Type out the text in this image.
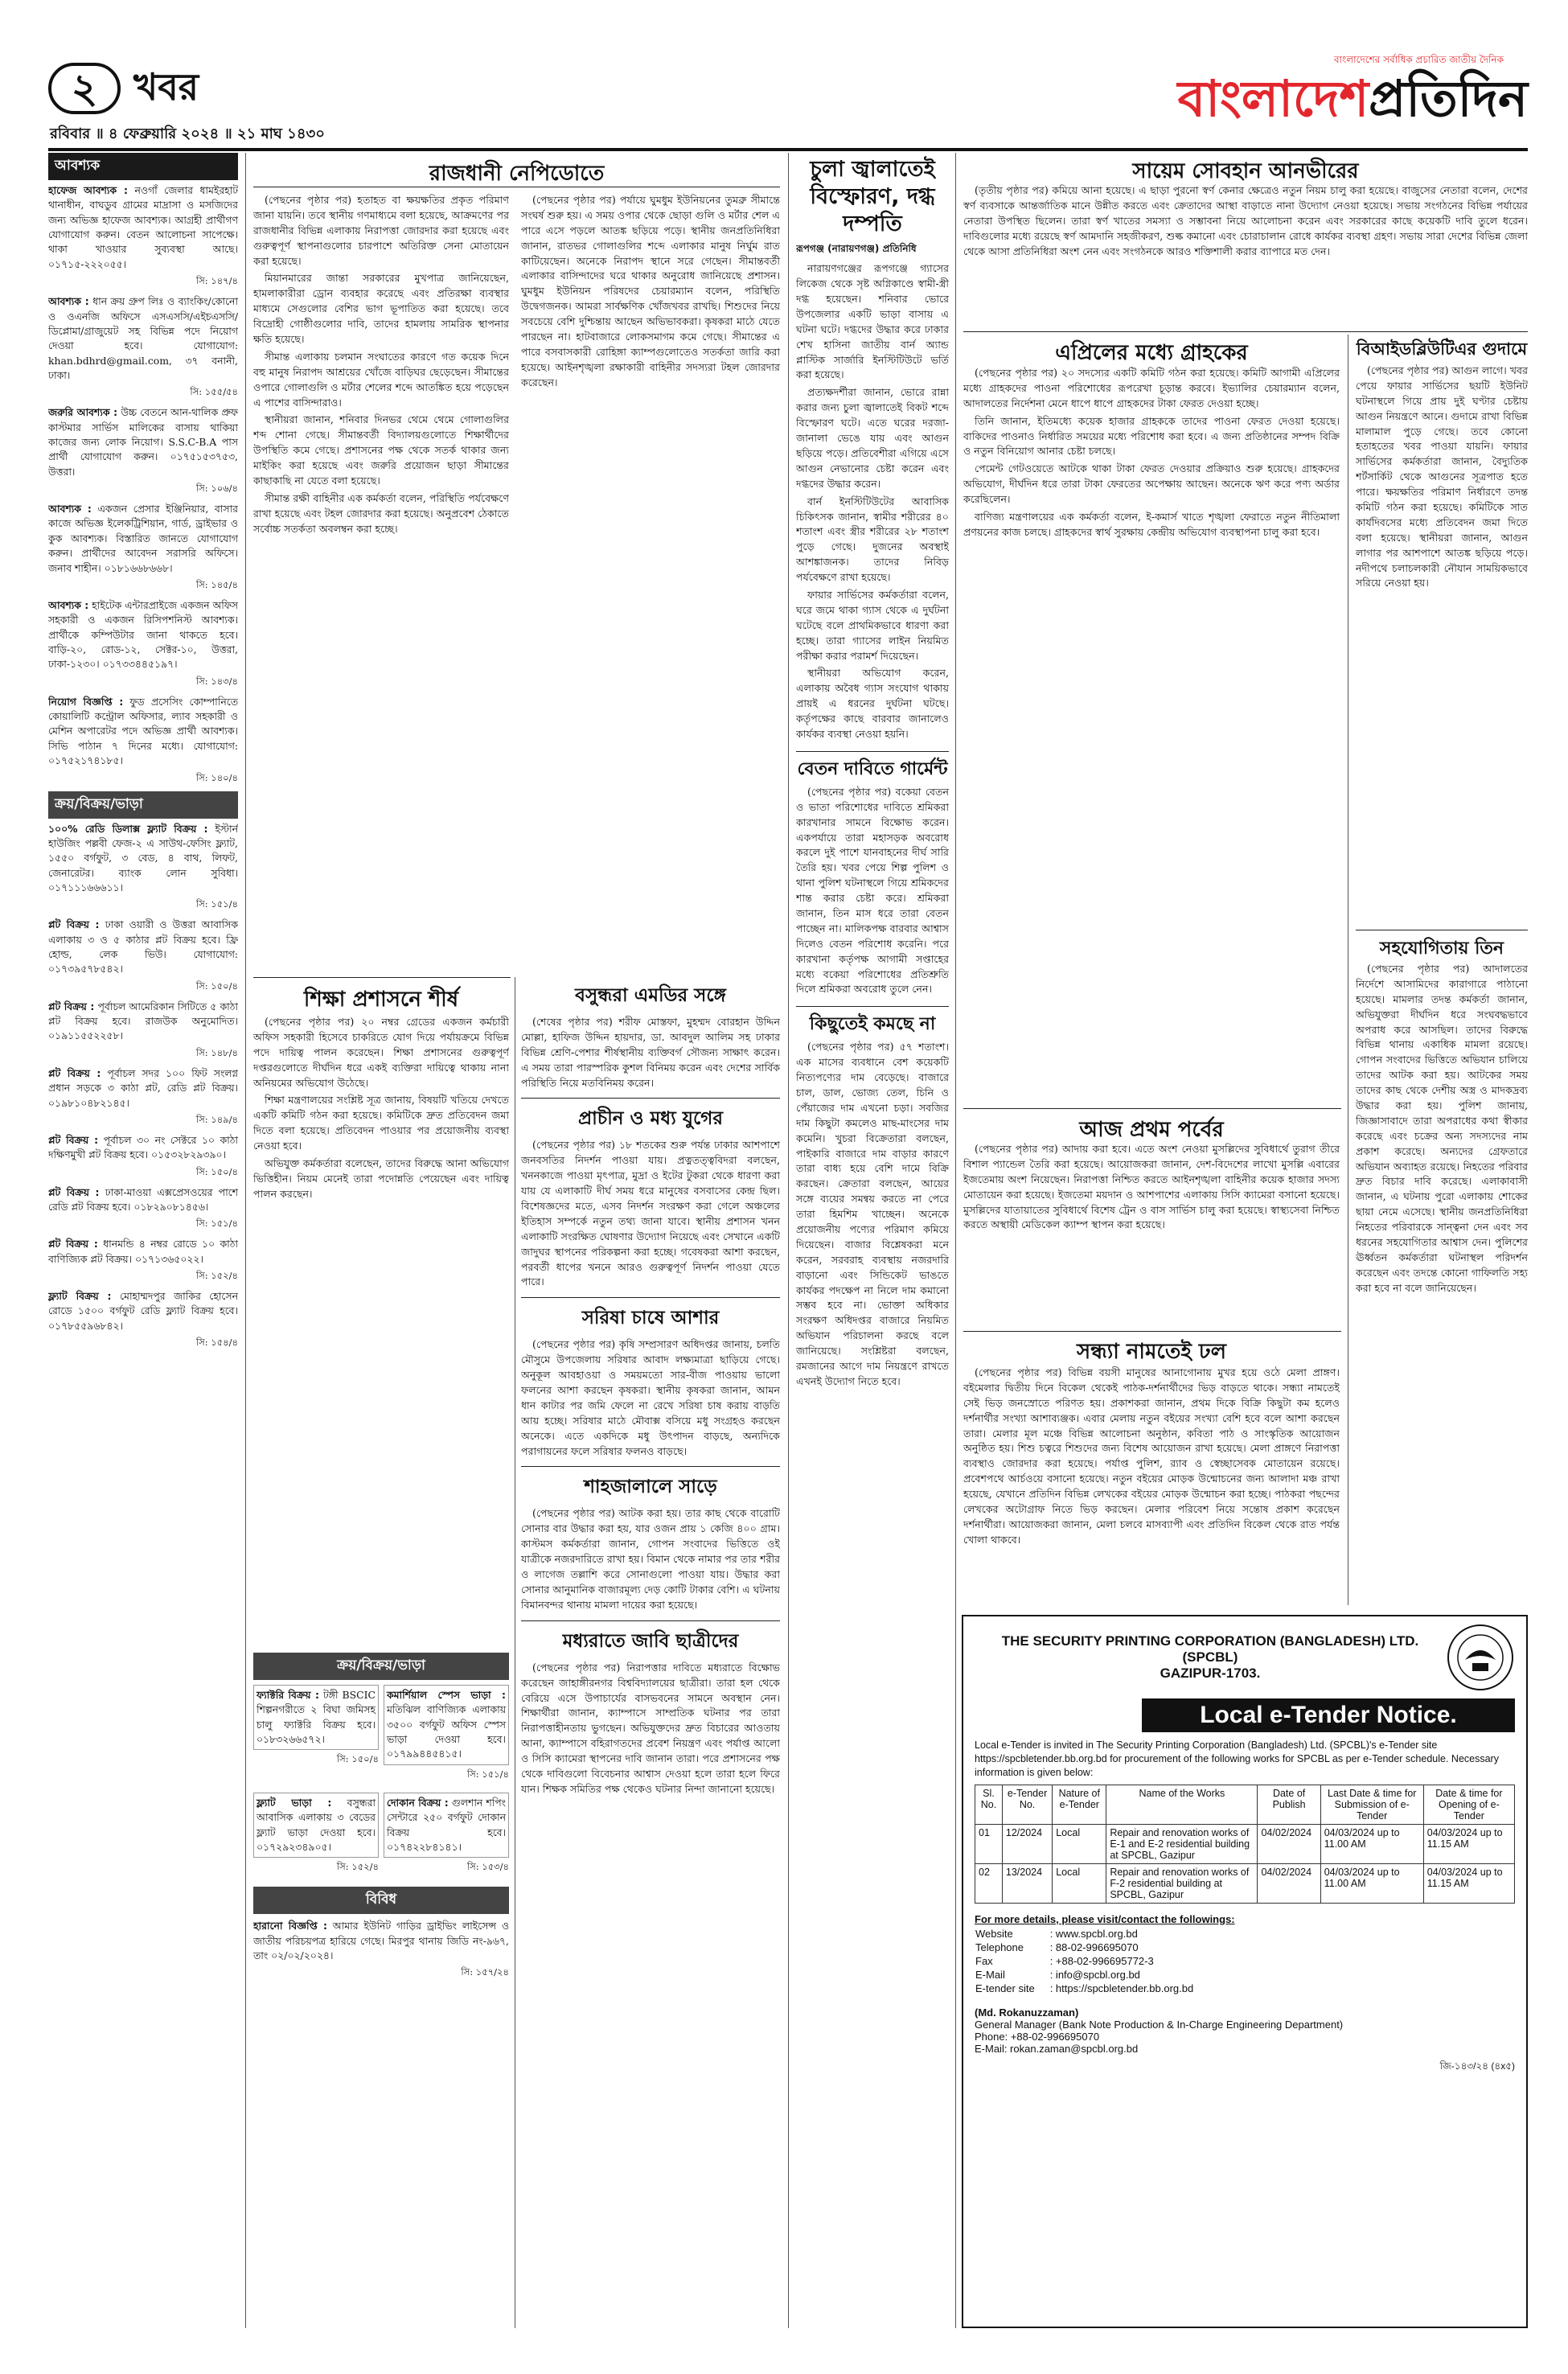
২ খবর
রবিবার ॥ ৪ ফেব্রুয়ারি ২০২৪ ॥ ২১ মাঘ ১৪৩০
বাংলাদেশের সর্বাধিক প্রচারিত জাতীয় দৈনিক
বাংলাদেশপ্রতিদিন
আবশ্যক

হাফেজ আবশ্যক : নওগাঁ জেলার ধামইরহাট থানাধীন, বাঘডুব গ্রামের মাদ্রাসা ও মসজিদের জন্য অভিজ্ঞ হাফেজ আবশ্যক। আগ্রহী প্রার্থীগণ যোগাযোগ করুন। বেতন আলোচনা সাপেক্ষে। থাকা খাওয়ার সুব্যবস্থা আছে। ০১৭১৫-২২২০৫৫।

সি: ১৪৭/৪

আবশ্যক : ধান ক্রয় গ্রুপ লিঃ ও ব্যাংকিং/কোনো ও ওএনজি অফিসে এসএসসি/এইচএসসি/ডিপ্লোমা/গ্রাজুয়েট সহ বিভিন্ন পদে নিয়োগ দেওয়া হবে। যোগাযোগ: khan.bdhrd@gmail.com, ৩৭ বনানী, ঢাকা।

সি: ১৫৫/৫৪

জরুরি আবশ্যক : উচ্চ বেতনে আন-থালিক প্রুফ কাস্টমার সার্ভিস মালিকের বাসায় থাকিয়া কাজের জন্য লোক নিয়োগ। S.S.C-B.A পাস প্রার্থী যোগাযোগ করুন। ০১৭৫১৫৩৭৫৩, উত্তরা।

সি: ১০৬/৪

আবশ্যক : একজন প্রেসার ইঞ্জিনিয়ার, বাসার কাজে অভিজ্ঞ ইলেকট্রিশিয়ান, গার্ড, ড্রাইভার ও কুক আবশ্যক। বিস্তারিত জানতে যোগাযোগ করুন। প্রার্থীদের আবেদন সরাসরি অফিসে। জনাব শাহীন। ০১৮১৬৬৮৬৬৮।

সি: ১৪৫/৪

আবশ্যক : হাইটেক এন্টারপ্রাইজে একজন অফিস সহকারী ও একজন রিসিপশনিস্ট আবশ্যক। প্রার্থীকে কম্পিউটার জানা থাকতে হবে। বাড়ি-২০, রোড-১২, সেক্টর-১০, উত্তরা, ঢাকা-১২৩০। ০১৭৩৩৪৪৫১৯৭।

সি: ১৪৩/৪

নিয়োগ বিজ্ঞপ্তি : ফুড প্রসেসিং কোম্পানিতে কোয়ালিটি কন্ট্রোল অফিসার, ল্যাব সহকারী ও মেশিন অপারেটর পদে অভিজ্ঞ প্রার্থী আবশ্যক। সিভি পাঠান ৭ দিনের মধ্যে। যোগাযোগ: ০১৭৫২১৭৪১৮৫।

সি: ১৪০/৪
ক্রয়/বিক্রয়/ভাড়া

১০০% রেডি ডিলাক্স ফ্ল্যাট বিক্রয় : ইস্টার্ন হাউজিং পল্লবী ফেজ-২ এ সাউথ-ফেসিং ফ্ল্যাট, ১৫৫০ বর্গফুট, ৩ বেড, ৪ বাথ, লিফট, জেনারেটর। ব্যাংক লোন সুবিধা। ০১৭১১১৬৬৬১১।

সি: ১৫১/৪

প্লট বিক্রয় : ঢাকা ওয়ারী ও উত্তরা আবাসিক এলাকায় ৩ ও ৫ কাঠার প্লট বিক্রয় হবে। ফ্রি হোল্ড, লেক ভিউ। যোগাযোগ: ০১৭৩৯৫৭৮৫৪২।

সি: ১৫০/৪

প্লট বিক্রয় : পূর্বাচল আমেরিকান সিটিতে ৫ কাঠা প্লট বিক্রয় হবে। রাজউক অনুমোদিত। ০১৯১১৫৫২২৫৮।

সি: ১৪৮/৪

প্লট বিক্রয় : পূর্বাচল সদর ১০০ ফিট সংলগ্ন প্রধান সড়কে ৩ কাঠা প্লট, রেডি প্লট বিক্রয়। ০১৯৮১০৪৮২১৪৫।

সি: ১৪৯/৪

প্লট বিক্রয় : পূর্বাচল ৩০ নং সেক্টরে ১০ কাঠা দক্ষিণমুখী প্লট বিক্রয় হবে। ০১৫৩২৮২৯৩৯০।

সি: ১৫০/৪

প্লট বিক্রয় : ঢাকা-মাওয়া এক্সপ্রেসওয়ের পাশে রেডি প্লট বিক্রয় হবে। ০১৮২৯০৮১৪৫৬।

সি: ১৫১/৪

প্লট বিক্রয় : ধানমন্ডি ৪ নম্বর রোডে ১০ কাঠা বাণিজ্যিক প্লট বিক্রয়। ০১৭১৩৬৫০২২।

সি: ১৫২/৪

ফ্ল্যাট বিক্রয় : মোহাম্মদপুর জাকির হোসেন রোডে ১৫০০ বর্গফুট রেডি ফ্ল্যাট বিক্রয় হবে। ০১৭৮৫৫৯৬৮৪২।

সি: ১৫৪/৪
রাজধানী নেপিডোতে

(পেছনের পৃষ্ঠার পর) হতাহত বা ক্ষয়ক্ষতির প্রকৃত পরিমাণ জানা যায়নি। তবে স্থানীয় গণমাধ্যমে বলা হয়েছে, আক্রমণের পর রাজধানীর বিভিন্ন এলাকায় নিরাপত্তা জোরদার করা হয়েছে এবং গুরুত্বপূর্ণ স্থাপনাগুলোর চারপাশে অতিরিক্ত সেনা মোতায়েন করা হয়েছে।

মিয়ানমারের জান্তা সরকারের মুখপাত্র জানিয়েছেন, হামলাকারীরা ড্রোন ব্যবহার করেছে এবং প্রতিরক্ষা ব্যবস্থার মাধ্যমে সেগুলোর বেশির ভাগ ভূপাতিত করা হয়েছে। তবে বিদ্রোহী গোষ্ঠীগুলোর দাবি, তাদের হামলায় সামরিক স্থাপনার ক্ষতি হয়েছে।

সীমান্ত এলাকায় চলমান সংঘাতের কারণে গত কয়েক দিনে বহু মানুষ নিরাপদ আশ্রয়ের খোঁজে বাড়িঘর ছেড়েছেন। সীমান্তের ওপারে গোলাগুলি ও মর্টার শেলের শব্দে আতঙ্কিত হয়ে পড়েছেন এ পাশের বাসিন্দারাও।

স্থানীয়রা জানান, শনিবার দিনভর থেমে থেমে গোলাগুলির শব্দ শোনা গেছে। সীমান্তবর্তী বিদ্যালয়গুলোতে শিক্ষার্থীদের উপস্থিতি কমে গেছে। প্রশাসনের পক্ষ থেকে সতর্ক থাকার জন্য মাইকিং করা হয়েছে এবং জরুরি প্রয়োজন ছাড়া সীমান্তের কাছাকাছি না যেতে বলা হয়েছে।

সীমান্ত রক্ষী বাহিনীর এক কর্মকর্তা বলেন, পরিস্থিতি পর্যবেক্ষণে রাখা হয়েছে এবং টহল জোরদার করা হয়েছে। অনুপ্রবেশ ঠেকাতে সর্বোচ্চ সতর্কতা অবলম্বন করা হচ্ছে।

(পেছনের পৃষ্ঠার পর) পর্যায়ে ঘুমধুম ইউনিয়নের তুমব্রু সীমান্তে সংঘর্ষ শুরু হয়। এ সময় ওপার থেকে ছোড়া গুলি ও মর্টার শেল এ পারে এসে পড়লে আতঙ্ক ছড়িয়ে পড়ে। স্থানীয় জনপ্রতিনিধিরা জানান, রাতভর গোলাগুলির শব্দে এলাকার মানুষ নির্ঘুম রাত কাটিয়েছেন। অনেকে নিরাপদ স্থানে সরে গেছেন। সীমান্তবর্তী এলাকার বাসিন্দাদের ঘরে থাকার অনুরোধ জানিয়েছে প্রশাসন। ঘুমধুম ইউনিয়ন পরিষদের চেয়ারম্যান বলেন, পরিস্থিতি উদ্বেগজনক। আমরা সার্বক্ষণিক খোঁজখবর রাখছি। শিশুদের নিয়ে সবচেয়ে বেশি দুশ্চিন্তায় আছেন অভিভাবকরা। কৃষকরা মাঠে যেতে পারছেন না। হাটবাজারে লোকসমাগম কমে গেছে। সীমান্তের এ পারে বসবাসকারী রোহিঙ্গা ক্যাম্পগুলোতেও সতর্কতা জারি করা হয়েছে। আইনশৃঙ্খলা রক্ষাকারী বাহিনীর সদস্যরা টহল জোরদার করেছেন।

শিক্ষা প্রশাসনে শীর্ষ

(পেছনের পৃষ্ঠার পর) ২০ নম্বর গ্রেডের একজন কর্মচারী অফিস সহকারী হিসেবে চাকরিতে যোগ দিয়ে পর্যায়ক্রমে বিভিন্ন পদে দায়িত্ব পালন করেছেন। শিক্ষা প্রশাসনের গুরুত্বপূর্ণ দপ্তরগুলোতে দীর্ঘদিন ধরে একই ব্যক্তিরা দায়িত্বে থাকায় নানা অনিয়মের অভিযোগ উঠেছে।

শিক্ষা মন্ত্রণালয়ের সংশ্লিষ্ট সূত্র জানায়, বিষয়টি খতিয়ে দেখতে একটি কমিটি গঠন করা হয়েছে। কমিটিকে দ্রুত প্রতিবেদন জমা দিতে বলা হয়েছে। প্রতিবেদন পাওয়ার পর প্রয়োজনীয় ব্যবস্থা নেওয়া হবে।

অভিযুক্ত কর্মকর্তারা বলেছেন, তাদের বিরুদ্ধে আনা অভিযোগ ভিত্তিহীন। নিয়ম মেনেই তারা পদোন্নতি পেয়েছেন এবং দায়িত্ব পালন করছেন।

ক্রয়/বিক্রয়/ভাড়া

ফ্যাক্টরি বিক্রয় : টঙ্গী BSCIC শিল্পনগরীতে ২ বিঘা জমিসহ চালু ফ্যাক্টরি বিক্রয় হবে। ০১৮৩২৬৬৫৭২।

সি: ১৫০/৪

কমার্শিয়াল স্পেস ভাড়া : মতিঝিল বাণিজ্যিক এলাকায় ৩৫০০ বর্গফুট অফিস স্পেস ভাড়া দেওয়া হবে। ০১৭৯৯৪৪৫৪১৫।

সি: ১৫১/৪

ফ্ল্যাট ভাড়া : বসুন্ধরা আবাসিক এলাকায় ৩ বেডের ফ্ল্যাট ভাড়া দেওয়া হবে। ০১৭২৯২৩৪৯০৫।

সি: ১৫২/৪

দোকান বিক্রয় : গুলশান শপিং সেন্টারে ২৫০ বর্গফুট দোকান বিক্রয় হবে। ০১৭৪২২৮৪১৪১।

সি: ১৫৩/৪
বিবিধ

হারানো বিজ্ঞপ্তি : আমার ইউনিট গাড়ির ড্রাইভিং লাইসেন্স ও জাতীয় পরিচয়পত্র হারিয়ে গেছে। মিরপুর থানায় জিডি নং-৯৬৭, তাং ০২/০২/২০২৪।

সি: ১৫৭/২৪
বসুন্ধরা এমডির সঙ্গে

(শেষের পৃষ্ঠার পর) শরীফ মোস্তফা, মুহম্মদ বোরহান উদ্দিন মোল্লা, হাফিজ উদ্দিন হায়দার, ডা. আবদুল আলিম সহ ঢাকার বিভিন্ন শ্রেণি-পেশার শীর্ষস্থানীয় ব্যক্তিবর্গ সৌজন্য সাক্ষাৎ করেন। এ সময় তারা পারস্পরিক কুশল বিনিময় করেন এবং দেশের সার্বিক পরিস্থিতি নিয়ে মতবিনিময় করেন।

প্রাচীন ও মধ্য যুগের

(পেছনের পৃষ্ঠার পর) ১৮ শতকের শুরু পর্যন্ত ঢাকার আশপাশে জনবসতির নিদর্শন পাওয়া যায়। প্রত্নতত্ত্ববিদরা বলছেন, খননকাজে পাওয়া মৃৎপাত্র, মুদ্রা ও ইটের টুকরা থেকে ধারণা করা যায় যে এলাকাটি দীর্ঘ সময় ধরে মানুষের বসবাসের কেন্দ্র ছিল। বিশেষজ্ঞদের মতে, এসব নিদর্শন সংরক্ষণ করা গেলে অঞ্চলের ইতিহাস সম্পর্কে নতুন তথ্য জানা যাবে। স্থানীয় প্রশাসন খনন এলাকাটি সংরক্ষিত ঘোষণার উদ্যোগ নিয়েছে এবং সেখানে একটি জাদুঘর স্থাপনের পরিকল্পনা করা হচ্ছে। গবেষকরা আশা করছেন, পরবর্তী ধাপের খননে আরও গুরুত্বপূর্ণ নিদর্শন পাওয়া যেতে পারে।

সরিষা চাষে আশার

(পেছনের পৃষ্ঠার পর) কৃষি সম্প্রসারণ অধিদপ্তর জানায়, চলতি মৌসুমে উপজেলায় সরিষার আবাদ লক্ষ্যমাত্রা ছাড়িয়ে গেছে। অনুকূল আবহাওয়া ও সময়মতো সার-বীজ পাওয়ায় ভালো ফলনের আশা করছেন কৃষকরা। স্থানীয় কৃষকরা জানান, আমন ধান কাটার পর জমি ফেলে না রেখে সরিষা চাষ করায় বাড়তি আয় হচ্ছে। সরিষার মাঠে মৌবাক্স বসিয়ে মধু সংগ্রহও করছেন অনেকে। এতে একদিকে মধু উৎপাদন বাড়ছে, অন্যদিকে পরাগায়নের ফলে সরিষার ফলনও বাড়ছে।

শাহজালালে সাড়ে

(পেছনের পৃষ্ঠার পর) আটক করা হয়। তার কাছ থেকে বারোটি সোনার বার উদ্ধার করা হয়, যার ওজন প্রায় ১ কেজি ৪০০ গ্রাম। কাস্টমস কর্মকর্তারা জানান, গোপন সংবাদের ভিত্তিতে ওই যাত্রীকে নজরদারিতে রাখা হয়। বিমান থেকে নামার পর তার শরীর ও লাগেজ তল্লাশি করে সোনাগুলো পাওয়া যায়। উদ্ধার করা সোনার আনুমানিক বাজারমূল্য দেড় কোটি টাকার বেশি। এ ঘটনায় বিমানবন্দর থানায় মামলা দায়ের করা হয়েছে।

মধ্যরাতে জাবি ছাত্রীদের

(পেছনের পৃষ্ঠার পর) নিরাপত্তার দাবিতে মধ্যরাতে বিক্ষোভ করেছেন জাহাঙ্গীরনগর বিশ্ববিদ্যালয়ের ছাত্রীরা। তারা হল থেকে বেরিয়ে এসে উপাচার্যের বাসভবনের সামনে অবস্থান নেন। শিক্ষার্থীরা জানান, ক্যাম্পাসে সাম্প্রতিক ঘটনার পর তারা নিরাপত্তাহীনতায় ভুগছেন। অভিযুক্তদের দ্রুত বিচারের আওতায় আনা, ক্যাম্পাসে বহিরাগতদের প্রবেশ নিয়ন্ত্রণ এবং পর্যাপ্ত আলো ও সিসি ক্যামেরা স্থাপনের দাবি জানান তারা। পরে প্রশাসনের পক্ষ থেকে দাবিগুলো বিবেচনার আশ্বাস দেওয়া হলে তারা হলে ফিরে যান। শিক্ষক সমিতির পক্ষ থেকেও ঘটনার নিন্দা জানানো হয়েছে।

চুলা জ্বালাতেই বিস্ফোরণ, দগ্ধ দম্পতি
রূপগঞ্জ (নারায়ণগঞ্জ) প্রতিনিধি

নারায়ণগঞ্জের রূপগঞ্জে গ্যাসের লিকেজ থেকে সৃষ্ট অগ্নিকাণ্ডে স্বামী-স্ত্রী দগ্ধ হয়েছেন। শনিবার ভোরে উপজেলার একটি ভাড়া বাসায় এ ঘটনা ঘটে। দগ্ধদের উদ্ধার করে ঢাকার শেখ হাসিনা জাতীয় বার্ন অ্যান্ড প্লাস্টিক সার্জারি ইনস্টিটিউটে ভর্তি করা হয়েছে।

প্রত্যক্ষদর্শীরা জানান, ভোরে রান্না করার জন্য চুলা জ্বালাতেই বিকট শব্দে বিস্ফোরণ ঘটে। এতে ঘরের দরজা-জানালা ভেঙে যায় এবং আগুন ছড়িয়ে পড়ে। প্রতিবেশীরা এগিয়ে এসে আগুন নেভানোর চেষ্টা করেন এবং দগ্ধদের উদ্ধার করেন।

বার্ন ইনস্টিটিউটের আবাসিক চিকিৎসক জানান, স্বামীর শরীরের ৪০ শতাংশ এবং স্ত্রীর শরীরের ২৮ শতাংশ পুড়ে গেছে। দুজনের অবস্থাই আশঙ্কাজনক। তাদের নিবিড় পর্যবেক্ষণে রাখা হয়েছে।

ফায়ার সার্ভিসের কর্মকর্তারা বলেন, ঘরে জমে থাকা গ্যাস থেকে এ দুর্ঘটনা ঘটেছে বলে প্রাথমিকভাবে ধারণা করা হচ্ছে। তারা গ্যাসের লাইন নিয়মিত পরীক্ষা করার পরামর্শ দিয়েছেন।

স্থানীয়রা অভিযোগ করেন, এলাকায় অবৈধ গ্যাস সংযোগ থাকায় প্রায়ই এ ধরনের দুর্ঘটনা ঘটছে। কর্তৃপক্ষের কাছে বারবার জানালেও কার্যকর ব্যবস্থা নেওয়া হয়নি।

বেতন দাবিতে গার্মেন্ট

(পেছনের পৃষ্ঠার পর) বকেয়া বেতন ও ভাতা পরিশোধের দাবিতে শ্রমিকরা কারখানার সামনে বিক্ষোভ করেন। একপর্যায়ে তারা মহাসড়ক অবরোধ করলে দুই পাশে যানবাহনের দীর্ঘ সারি তৈরি হয়। খবর পেয়ে শিল্প পুলিশ ও থানা পুলিশ ঘটনাস্থলে গিয়ে শ্রমিকদের শান্ত করার চেষ্টা করে। শ্রমিকরা জানান, তিন মাস ধরে তারা বেতন পাচ্ছেন না। মালিকপক্ষ বারবার আশ্বাস দিলেও বেতন পরিশোধ করেনি। পরে কারখানা কর্তৃপক্ষ আগামী সপ্তাহের মধ্যে বকেয়া পরিশোধের প্রতিশ্রুতি দিলে শ্রমিকরা অবরোধ তুলে নেন।

কিছুতেই কমছে না

(পেছনের পৃষ্ঠার পর) ৫৭ শতাংশ। এক মাসের ব্যবধানে বেশ কয়েকটি নিত্যপণ্যের দাম বেড়েছে। বাজারে চাল, ডাল, ভোজ্য তেল, চিনি ও পেঁয়াজের দাম এখনো চড়া। সবজির দাম কিছুটা কমলেও মাছ-মাংসের দাম কমেনি। খুচরা বিক্রেতারা বলছেন, পাইকারি বাজারে দাম বাড়ার কারণে তারা বাধ্য হয়ে বেশি দামে বিক্রি করছেন। ক্রেতারা বলছেন, আয়ের সঙ্গে ব্যয়ের সমন্বয় করতে না পেরে তারা হিমশিম খাচ্ছেন। অনেকে প্রয়োজনীয় পণ্যের পরিমাণ কমিয়ে দিয়েছেন। বাজার বিশ্লেষকরা মনে করেন, সরবরাহ ব্যবস্থায় নজরদারি বাড়ানো এবং সিন্ডিকেট ভাঙতে কার্যকর পদক্ষেপ না নিলে দাম কমানো সম্ভব হবে না। ভোক্তা অধিকার সংরক্ষণ অধিদপ্তর বাজারে নিয়মিত অভিযান পরিচালনা করছে বলে জানিয়েছে। সংশ্লিষ্টরা বলছেন, রমজানের আগে দাম নিয়ন্ত্রণে রাখতে এখনই উদ্যোগ নিতে হবে।

সায়েম সোবহান আনভীরের

(তৃতীয় পৃষ্ঠার পর) কমিয়ে আনা হয়েছে। এ ছাড়া পুরনো স্বর্ণ কেনার ক্ষেত্রেও নতুন নিয়ম চালু করা হয়েছে। বাজুসের নেতারা বলেন, দেশের স্বর্ণ ব্যবসাকে আন্তর্জাতিক মানে উন্নীত করতে এবং ক্রেতাদের আস্থা বাড়াতে নানা উদ্যোগ নেওয়া হয়েছে। সভায় সংগঠনের বিভিন্ন পর্যায়ের নেতারা উপস্থিত ছিলেন। তারা স্বর্ণ খাতের সমস্যা ও সম্ভাবনা নিয়ে আলোচনা করেন এবং সরকারের কাছে কয়েকটি দাবি তুলে ধরেন। দাবিগুলোর মধ্যে রয়েছে স্বর্ণ আমদানি সহজীকরণ, শুল্ক কমানো এবং চোরাচালান রোধে কার্যকর ব্যবস্থা গ্রহণ। সভায় সারা দেশের বিভিন্ন জেলা থেকে আসা প্রতিনিধিরা অংশ নেন এবং সংগঠনকে আরও শক্তিশালী করার ব্যাপারে মত দেন।

এপ্রিলের মধ্যে গ্রাহকের

(পেছনের পৃষ্ঠার পর) ২০ সদস্যের একটি কমিটি গঠন করা হয়েছে। কমিটি আগামী এপ্রিলের মধ্যে গ্রাহকদের পাওনা পরিশোধের রূপরেখা চূড়ান্ত করবে। ইভ্যালির চেয়ারম্যান বলেন, আদালতের নির্দেশনা মেনে ধাপে ধাপে গ্রাহকদের টাকা ফেরত দেওয়া হচ্ছে।

তিনি জানান, ইতিমধ্যে কয়েক হাজার গ্রাহককে তাদের পাওনা ফেরত দেওয়া হয়েছে। বাকিদের পাওনাও নির্ধারিত সময়ের মধ্যে পরিশোধ করা হবে। এ জন্য প্রতিষ্ঠানের সম্পদ বিক্রি ও নতুন বিনিয়োগ আনার চেষ্টা চলছে।

পেমেন্ট গেটওয়েতে আটকে থাকা টাকা ফেরত দেওয়ার প্রক্রিয়াও শুরু হয়েছে। গ্রাহকদের অভিযোগ, দীর্ঘদিন ধরে তারা টাকা ফেরতের অপেক্ষায় আছেন। অনেকে ঋণ করে পণ্য অর্ডার করেছিলেন।

বাণিজ্য মন্ত্রণালয়ের এক কর্মকর্তা বলেন, ই-কমার্স খাতে শৃঙ্খলা ফেরাতে নতুন নীতিমালা প্রণয়নের কাজ চলছে। গ্রাহকদের স্বার্থ সুরক্ষায় কেন্দ্রীয় অভিযোগ ব্যবস্থাপনা চালু করা হবে।

আজ প্রথম পর্বের

(পেছনের পৃষ্ঠার পর) আদায় করা হবে। এতে অংশ নেওয়া মুসল্লিদের সুবিধার্থে তুরাগ তীরে বিশাল প্যান্ডেল তৈরি করা হয়েছে। আয়োজকরা জানান, দেশ-বিদেশের লাখো মুসল্লি এবারের ইজতেমায় অংশ নিয়েছেন। নিরাপত্তা নিশ্চিত করতে আইনশৃঙ্খলা বাহিনীর কয়েক হাজার সদস্য মোতায়েন করা হয়েছে। ইজতেমা ময়দান ও আশপাশের এলাকায় সিসি ক্যামেরা বসানো হয়েছে। মুসল্লিদের যাতায়াতের সুবিধার্থে বিশেষ ট্রেন ও বাস সার্ভিস চালু করা হয়েছে। স্বাস্থ্যসেবা নিশ্চিত করতে অস্থায়ী মেডিকেল ক্যাম্প স্থাপন করা হয়েছে।

সন্ধ্যা নামতেই ঢল

(পেছনের পৃষ্ঠার পর) বিভিন্ন বয়সী মানুষের আনাগোনায় মুখর হয়ে ওঠে মেলা প্রাঙ্গণ। বইমেলার দ্বিতীয় দিনে বিকেল থেকেই পাঠক-দর্শনার্থীদের ভিড় বাড়তে থাকে। সন্ধ্যা নামতেই সেই ভিড় জনস্রোতে পরিণত হয়। প্রকাশকরা জানান, প্রথম দিকে বিক্রি কিছুটা কম হলেও দর্শনার্থীর সংখ্যা আশাব্যঞ্জক। এবার মেলায় নতুন বইয়ের সংখ্যা বেশি হবে বলে আশা করছেন তারা। মেলার মূল মঞ্চে বিভিন্ন আলোচনা অনুষ্ঠান, কবিতা পাঠ ও সাংস্কৃতিক আয়োজন অনুষ্ঠিত হয়। শিশু চত্বরে শিশুদের জন্য বিশেষ আয়োজন রাখা হয়েছে। মেলা প্রাঙ্গণে নিরাপত্তা ব্যবস্থাও জোরদার করা হয়েছে। পর্যাপ্ত পুলিশ, র‌্যাব ও স্বেচ্ছাসেবক মোতায়েন রয়েছে। প্রবেশপথে আর্চওয়ে বসানো হয়েছে। নতুন বইয়ের মোড়ক উন্মোচনের জন্য আলাদা মঞ্চ রাখা হয়েছে, যেখানে প্রতিদিন বিভিন্ন লেখকের বইয়ের মোড়ক উন্মোচন করা হচ্ছে। পাঠকরা পছন্দের লেখকের অটোগ্রাফ নিতে ভিড় করছেন। মেলার পরিবেশ নিয়ে সন্তোষ প্রকাশ করেছেন দর্শনার্থীরা। আয়োজকরা জানান, মেলা চলবে মাসব্যাপী এবং প্রতিদিন বিকেল থেকে রাত পর্যন্ত খোলা থাকবে।

বিআইডব্লিউটিএর গুদামে

(পেছনের পৃষ্ঠার পর) আগুন লাগে। খবর পেয়ে ফায়ার সার্ভিসের ছয়টি ইউনিট ঘটনাস্থলে গিয়ে প্রায় দুই ঘণ্টার চেষ্টায় আগুন নিয়ন্ত্রণে আনে। গুদামে রাখা বিভিন্ন মালামাল পুড়ে গেছে। তবে কোনো হতাহতের খবর পাওয়া যায়নি। ফায়ার সার্ভিসের কর্মকর্তারা জানান, বৈদ্যুতিক শর্টসার্কিট থেকে আগুনের সূত্রপাত হতে পারে। ক্ষয়ক্ষতির পরিমাণ নির্ধারণে তদন্ত কমিটি গঠন করা হয়েছে। কমিটিকে সাত কার্যদিবসের মধ্যে প্রতিবেদন জমা দিতে বলা হয়েছে। স্থানীয়রা জানান, আগুন লাগার পর আশপাশে আতঙ্ক ছড়িয়ে পড়ে। নদীপথে চলাচলকারী নৌযান সাময়িকভাবে সরিয়ে নেওয়া হয়।

সহযোগিতায় তিন

(পেছনের পৃষ্ঠার পর) আদালতের নির্দেশে আসামিদের কারাগারে পাঠানো হয়েছে। মামলার তদন্ত কর্মকর্তা জানান, অভিযুক্তরা দীর্ঘদিন ধরে সংঘবদ্ধভাবে অপরাধ করে আসছিল। তাদের বিরুদ্ধে বিভিন্ন থানায় একাধিক মামলা রয়েছে। গোপন সংবাদের ভিত্তিতে অভিযান চালিয়ে তাদের আটক করা হয়। আটকের সময় তাদের কাছ থেকে দেশীয় অস্ত্র ও মাদকদ্রব্য উদ্ধার করা হয়। পুলিশ জানায়, জিজ্ঞাসাবাদে তারা অপরাধের কথা স্বীকার করেছে এবং চক্রের অন্য সদস্যদের নাম প্রকাশ করেছে। অন্যদের গ্রেফতারে অভিযান অব্যাহত রয়েছে। নিহতের পরিবার দ্রুত বিচার দাবি করেছে। এলাকাবাসী জানান, এ ঘটনায় পুরো এলাকায় শোকের ছায়া নেমে এসেছে। স্থানীয় জনপ্রতিনিধিরা নিহতের পরিবারকে সান্ত্বনা দেন এবং সব ধরনের সহযোগিতার আশ্বাস দেন। পুলিশের ঊর্ধ্বতন কর্মকর্তারা ঘটনাস্থল পরিদর্শন করেছেন এবং তদন্তে কোনো গাফিলতি সহ্য করা হবে না বলে জানিয়েছেন।

THE SECURITY PRINTING CORPORATION (BANGLADESH) LTD. (SPCBL)
GAZIPUR-1703.
Local e-Tender Notice.
Local e-Tender is invited in The Security Printing Corporation (Bangladesh) Ltd. (SPCBL)'s e-Tender site https://spcbletender.bb.org.bd for procurement of the following works for SPCBL as per e-Tender schedule. Necessary information is given below:
Sl. No.	e-Tender No.	Nature of e-Tender	Name of the Works	Date of Publish	Last Date & time for Submission of e-Tender	Date & time for Opening of e-Tender
01	12/2024	Local	Repair and renovation works of E-1 and E-2 residential building at SPCBL, Gazipur	04/02/2024	04/03/2024 up to 11.00 AM	04/03/2024 up to 11.15 AM
02	13/2024	Local	Repair and renovation works of F-2 residential building at SPCBL, Gazipur	04/02/2024	04/03/2024 up to 11.00 AM	04/03/2024 up to 11.15 AM
For more details, please visit/contact the followings:
Website	: www.spcbl.org.bd
Telephone	: 88-02-996695070
Fax	: +88-02-996695772-3
E-Mail	: info@spcbl.org.bd
E-tender site	: https://spcbletender.bb.org.bd
(Md. Rokanuzzaman)
General Manager (Bank Note Production & In-Charge Engineering Department)
Phone: +88-02-996695070
E-Mail: rokan.zaman@spcbl.org.bd
জি-১৪৩/২৪ (৪x৫)
